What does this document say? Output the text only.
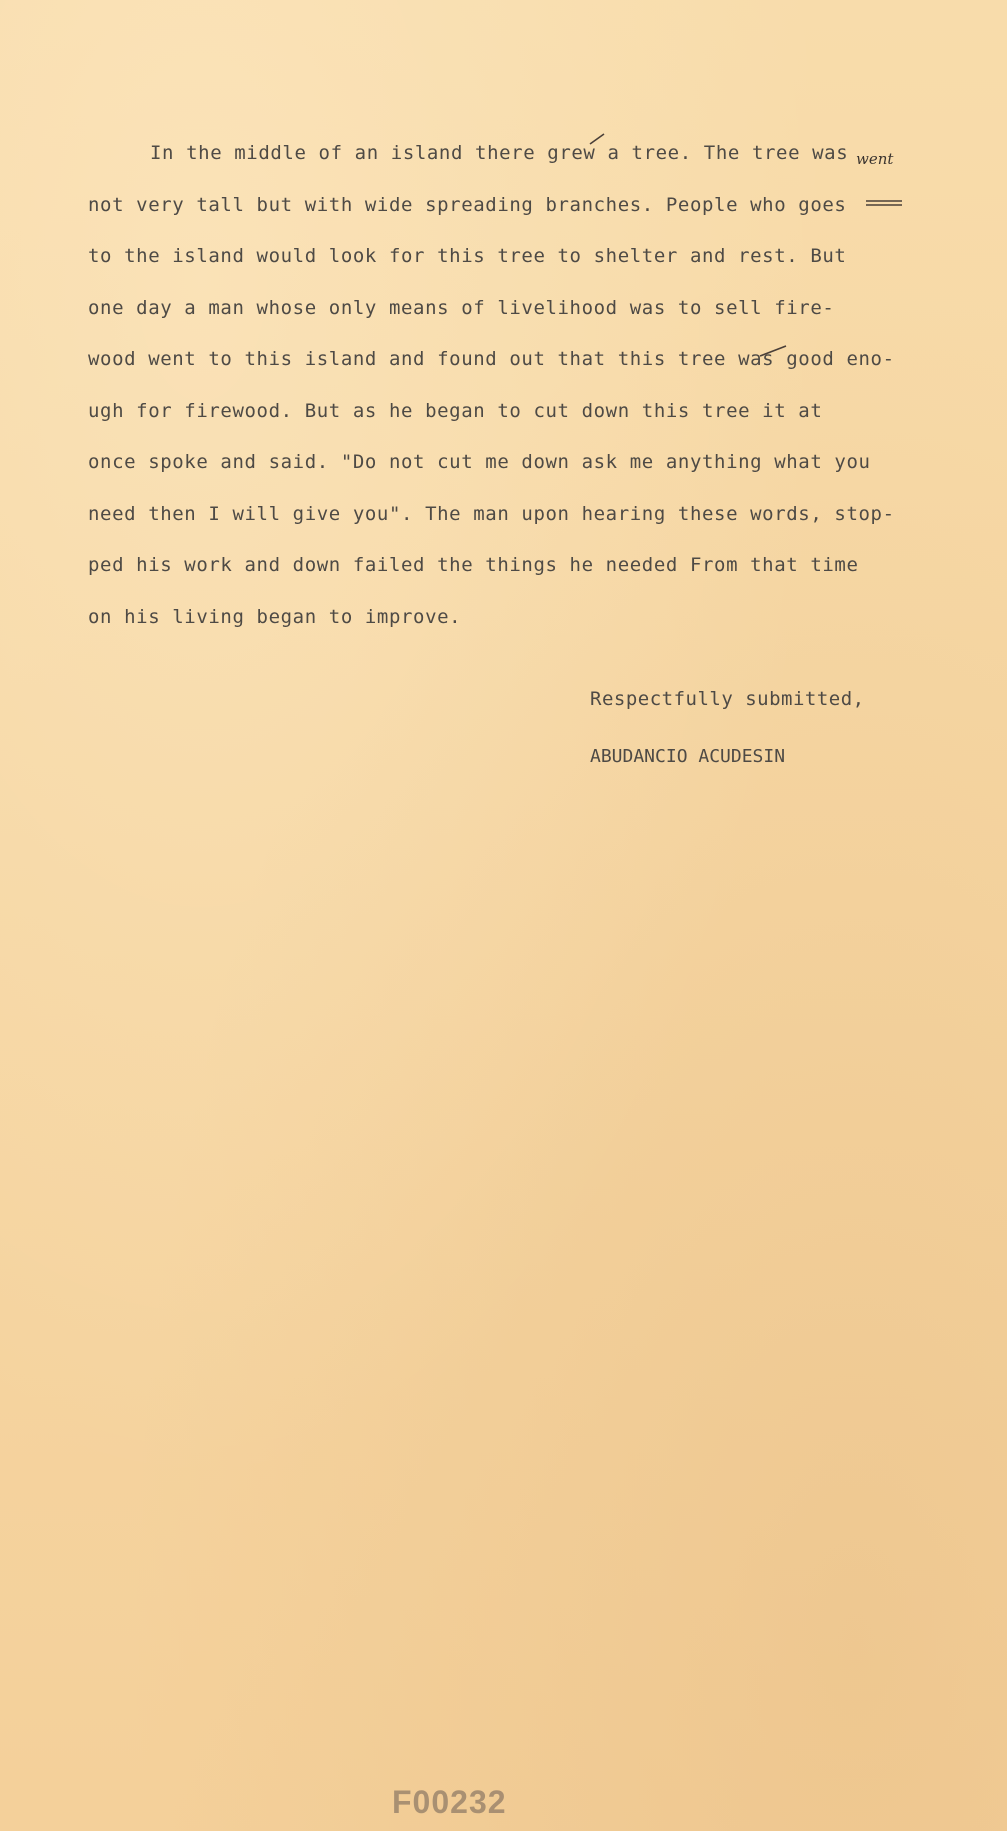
In the middle of an island there grew a tree. The tree was
not very tall but with wide spreading branches. People who goes
to the island would look for this tree to shelter and rest. But
one day a man whose only means of livelihood was to sell fire-
wood went to this island and found out that this tree was good eno-
ugh for firewood. But as he began to cut down this tree it at
once spoke and said. "Do not cut me down ask me anything what you
need then I will give you". The man upon hearing these words, stop-
ped his work and down failed the things he needed From that time
on his living began to improve.
went
Respectfully submitted,
ABUDANCIO ACUDESIN
F00232
